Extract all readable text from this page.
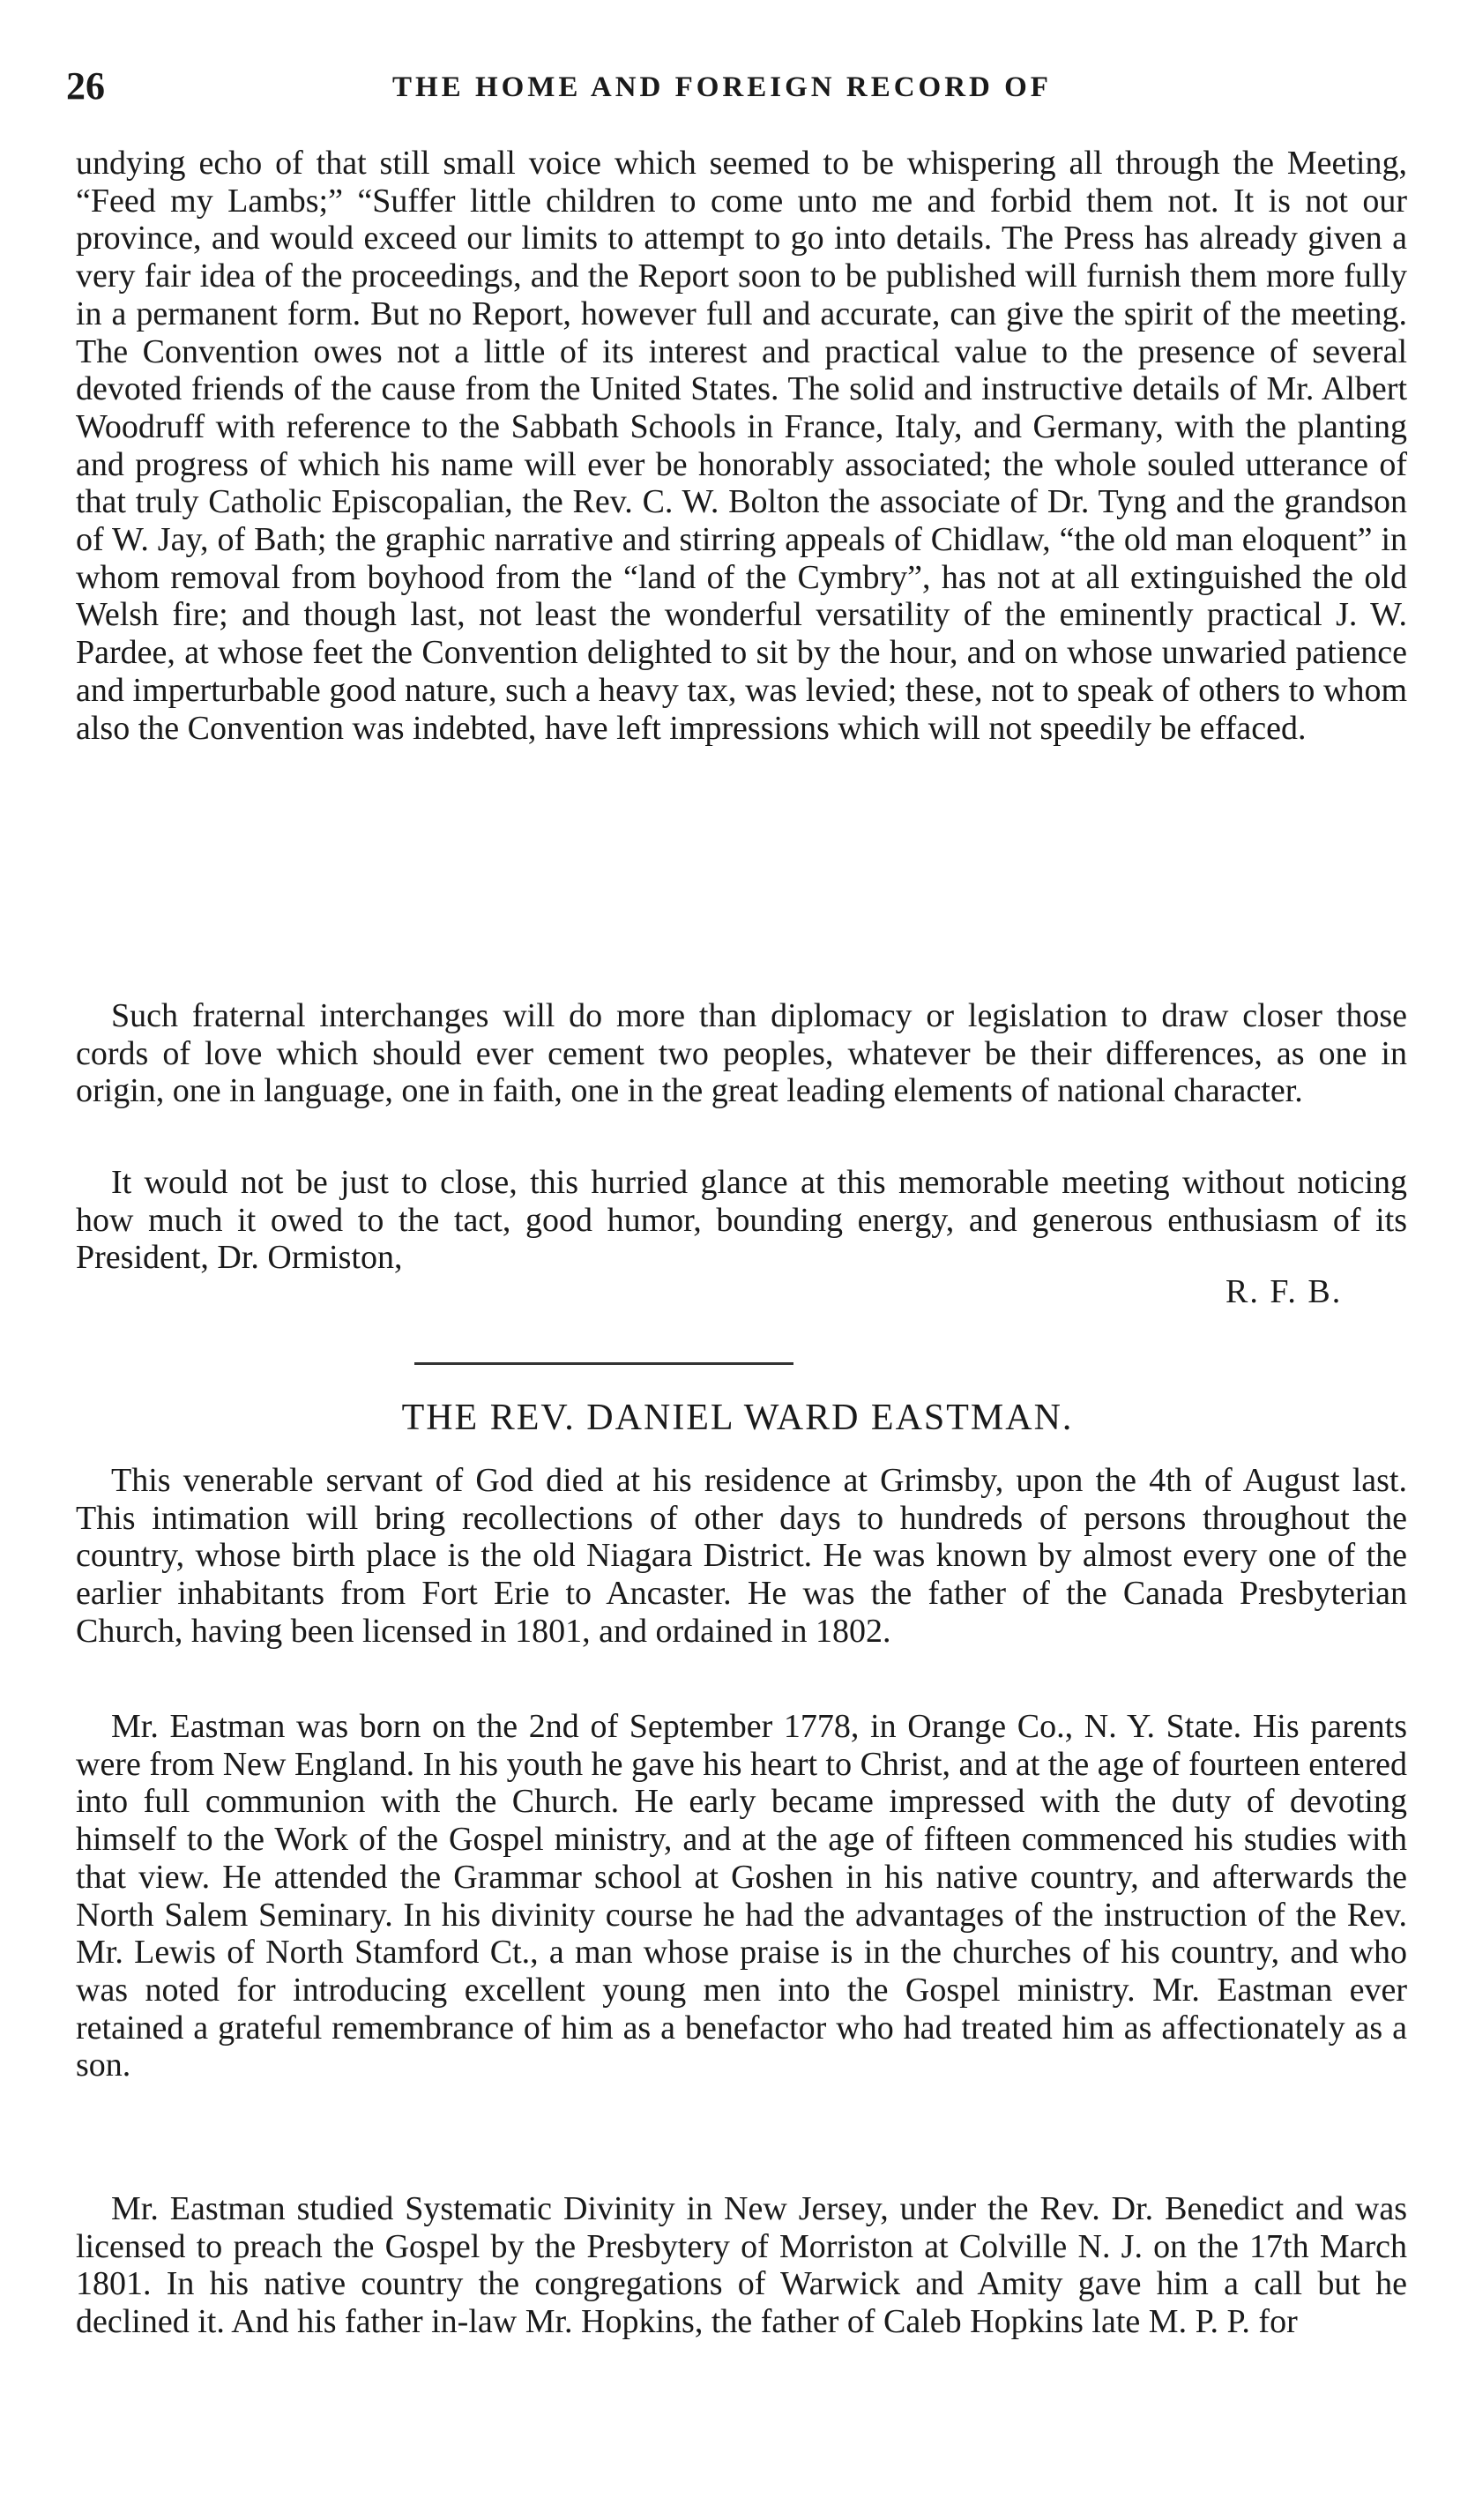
26	THE HOME AND FOREIGN RECORD OF

undying echo of that still small voice which seemed to be whispering all through the Meeting, “Feed my Lambs;” “Suffer little children to come unto me and forbid them not. It is not our province, and would exceed our limits to attempt to go into details. The Press has already given a very fair idea of the proceedings, and the Report soon to be published will furnish them more fully in a permanent form. But no Report, however full and accurate, can give the spirit of the meeting. The Convention owes not a little of its interest and practical value to the presence of several devoted friends of the cause from the United States. The solid and instructive details of Mr. Albert Woodruff with reference to the Sabbath Schools in France, Italy, and Germany, with the planting and progress of which his name will ever be honorably associated; the whole souled utterance of that truly Catholic Episcopalian, the Rev. C. W. Bolton the associate of Dr. Tyng and the grandson of W. Jay, of Bath; the graphic narrative and stirring appeals of Chidlaw, “the old man eloquent” in whom removal from boyhood from the “land of the Cymbry”, has not at all extinguished the old Welsh fire; and though last, not least the wonderful versatility of the eminently practical J. W. Pardee, at whose feet the Convention delighted to sit by the hour, and on whose unwaried patience and imperturbable good nature, such a heavy tax, was levied; these, not to speak of others to whom also the Convention was indebted, have left impressions which will not speedily be effaced.

Such fraternal interchanges will do more than diplomacy or legislation to draw closer those cords of love which should ever cement two peoples, whatever be their differences, as one in origin, one in language, one in faith, one in the great leading elements of national character.

It would not be just to close, this hurried glance at this memorable meeting without noticing how much it owed to the tact, good humor, bounding energy, and generous enthusiasm of its President, Dr. Ormiston,

R. F. B.
THE REV. DANIEL WARD EASTMAN.

This venerable servant of God died at his residence at Grimsby, upon the 4th of August last. This intimation will bring recollections of other days to hundreds of persons throughout the country, whose birth place is the old Niagara District. He was known by almost every one of the earlier inhabitants from Fort Erie to Ancaster. He was the father of the Canada Presbyterian Church, having been licensed in 1801, and ordained in 1802.

Mr. Eastman was born on the 2nd of September 1778, in Orange Co., N. Y. State. His parents were from New England. In his youth he gave his heart to Christ, and at the age of fourteen entered into full communion with the Church. He early became impressed with the duty of devoting himself to the Work of the Gospel ministry, and at the age of fifteen commenced his studies with that view. He attended the Grammar school at Goshen in his native country, and afterwards the North Salem Seminary. In his divinity course he had the advantages of the instruction of the Rev. Mr. Lewis of North Stamford Ct., a man whose praise is in the churches of his country, and who was noted for introducing excellent young men into the Gospel ministry. Mr. Eastman ever retained a grateful remembrance of him as a benefactor who had treated him as affectionately as a son.

Mr. Eastman studied Systematic Divinity in New Jersey, under the Rev. Dr. Benedict and was licensed to preach the Gospel by the Presbytery of Morriston at Colville N. J. on the 17th March 1801. In his native country the congregations of Warwick and Amity gave him a call but he declined it. And his father in-law Mr. Hopkins, the father of Caleb Hopkins late M. P. P. for
